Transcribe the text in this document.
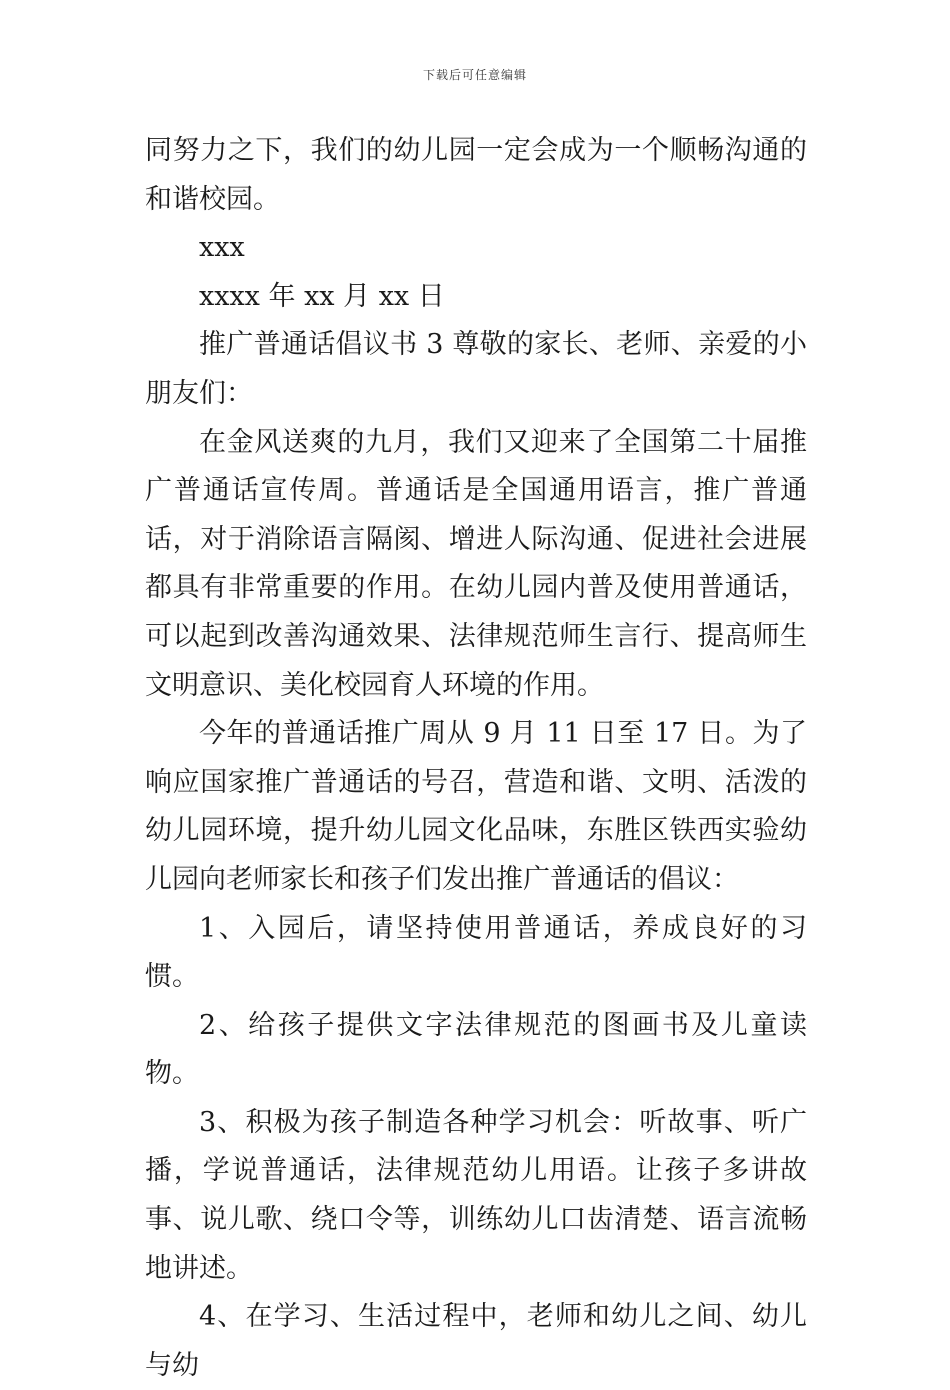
下载后可任意编辑

同努力之下，我们的幼儿园一定会成为一个顺畅沟通的和谐校园。

xxx

xxxx 年 xx 月 xx 日

推广普通话倡议书 3 尊敬的家长、老师、亲爱的小朋友们：

在金风送爽的九月，我们又迎来了全国第二十届推广普通话宣传周。普通话是全国通用语言，推广普通话，对于消除语言隔阂、增进人际沟通、促进社会进展都具有非常重要的作用。在幼儿园内普及使用普通话，可以起到改善沟通效果、法律规范师生言行、提高师生文明意识、美化校园育人环境的作用。

今年的普通话推广周从 9 月 11 日至 17 日。为了响应国家推广普通话的号召，营造和谐、文明、活泼的幼儿园环境，提升幼儿园文化品味，东胜区铁西实验幼儿园向老师家长和孩子们发出推广普通话的倡议：

1、入园后，请坚持使用普通话，养成良好的习惯。

2、给孩子提供文字法律规范的图画书及儿童读物。

3、积极为孩子制造各种学习机会：听故事、听广播，学说普通话，法律规范幼儿用语。让孩子多讲故事、说儿歌、绕口令等，训练幼儿口齿清楚、语言流畅地讲述。

4、在学习、生活过程中，老师和幼儿之间、幼儿与幼
